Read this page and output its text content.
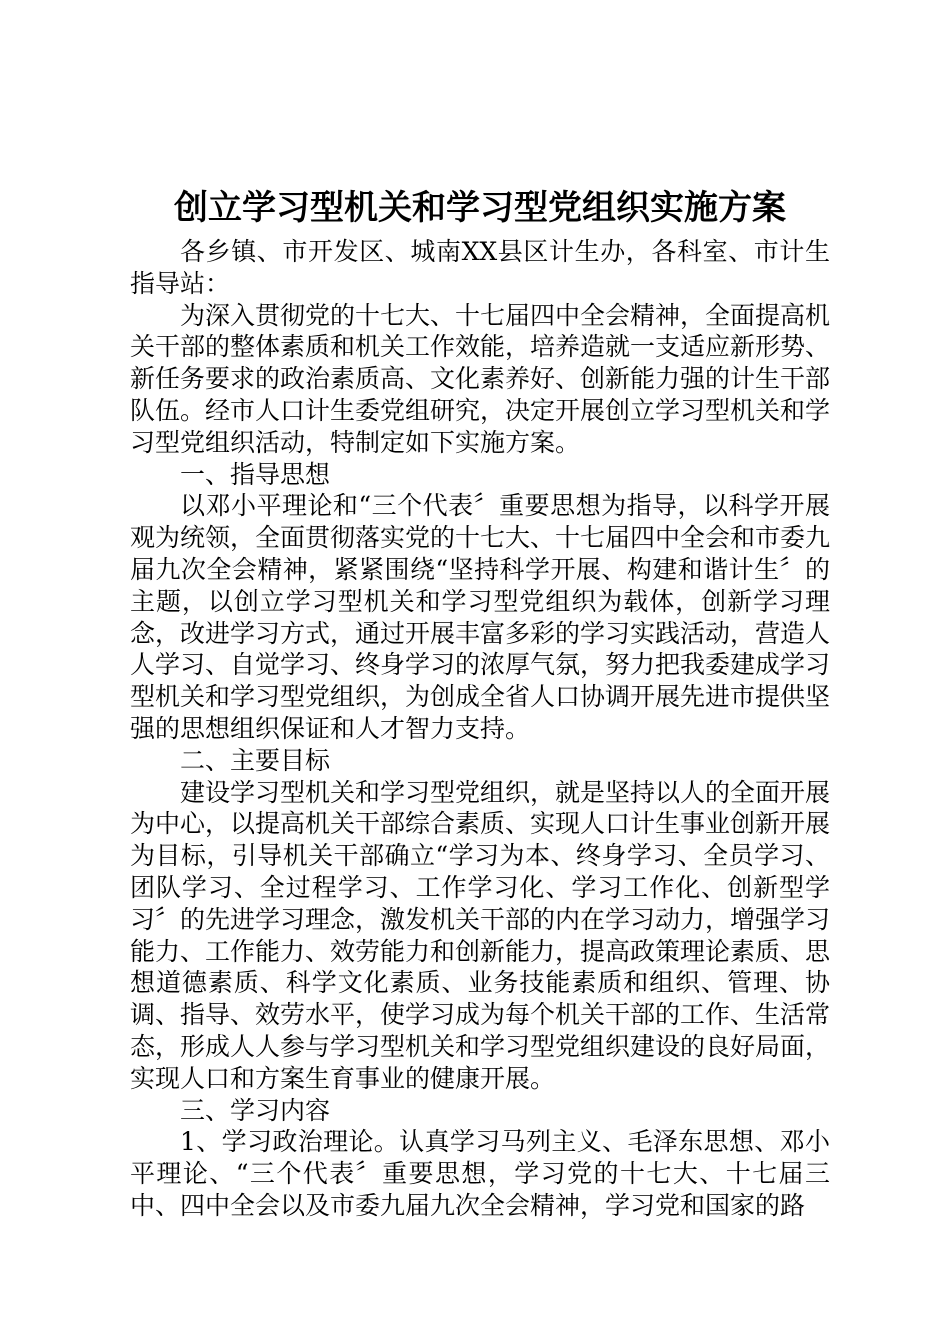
创立学习型机关和学习型党组织实施方案

各乡镇、市开发区、城南XX县区计生办，各科室、市计生指导站：

为深入贯彻党的十七大、十七届四中全会精神，全面提高机关干部的整体素质和机关工作效能，培养造就一支适应新形势、新任务要求的政治素质高、文化素养好、创新能力强的计生干部队伍。经市人口计生委党组研究，决定开展创立学习型机关和学习型党组织活动，特制定如下实施方案。

一、指导思想

以邓小平理论和“三个代表〞重要思想为指导，以科学开展观为统领，全面贯彻落实党的十七大、十七届四中全会和市委九届九次全会精神，紧紧围绕“坚持科学开展、构建和谐计生〞的主题，以创立学习型机关和学习型党组织为载体，创新学习理念，改进学习方式，通过开展丰富多彩的学习实践活动，营造人人学习、自觉学习、终身学习的浓厚气氛，努力把我委建成学习型机关和学习型党组织，为创成全省人口协调开展先进市提供坚强的思想组织保证和人才智力支持。

二、主要目标

建设学习型机关和学习型党组织，就是坚持以人的全面开展为中心，以提高机关干部综合素质、实现人口计生事业创新开展为目标，引导机关干部确立“学习为本、终身学习、全员学习、团队学习、全过程学习、工作学习化、学习工作化、创新型学习〞的先进学习理念，激发机关干部的内在学习动力，增强学习能力、工作能力、效劳能力和创新能力，提高政策理论素质、思想道德素质、科学文化素质、业务技能素质和组织、管理、协调、指导、效劳水平，使学习成为每个机关干部的工作、生活常态，形成人人参与学习型机关和学习型党组织建设的良好局面，实现人口和方案生育事业的健康开展。

三、学习内容

1、学习政治理论。认真学习马列主义、毛泽东思想、邓小平理论、“三个代表〞重要思想，学习党的十七大、十七届三中、四中全会以及市委九届九次全会精神，学习党和国家的路
